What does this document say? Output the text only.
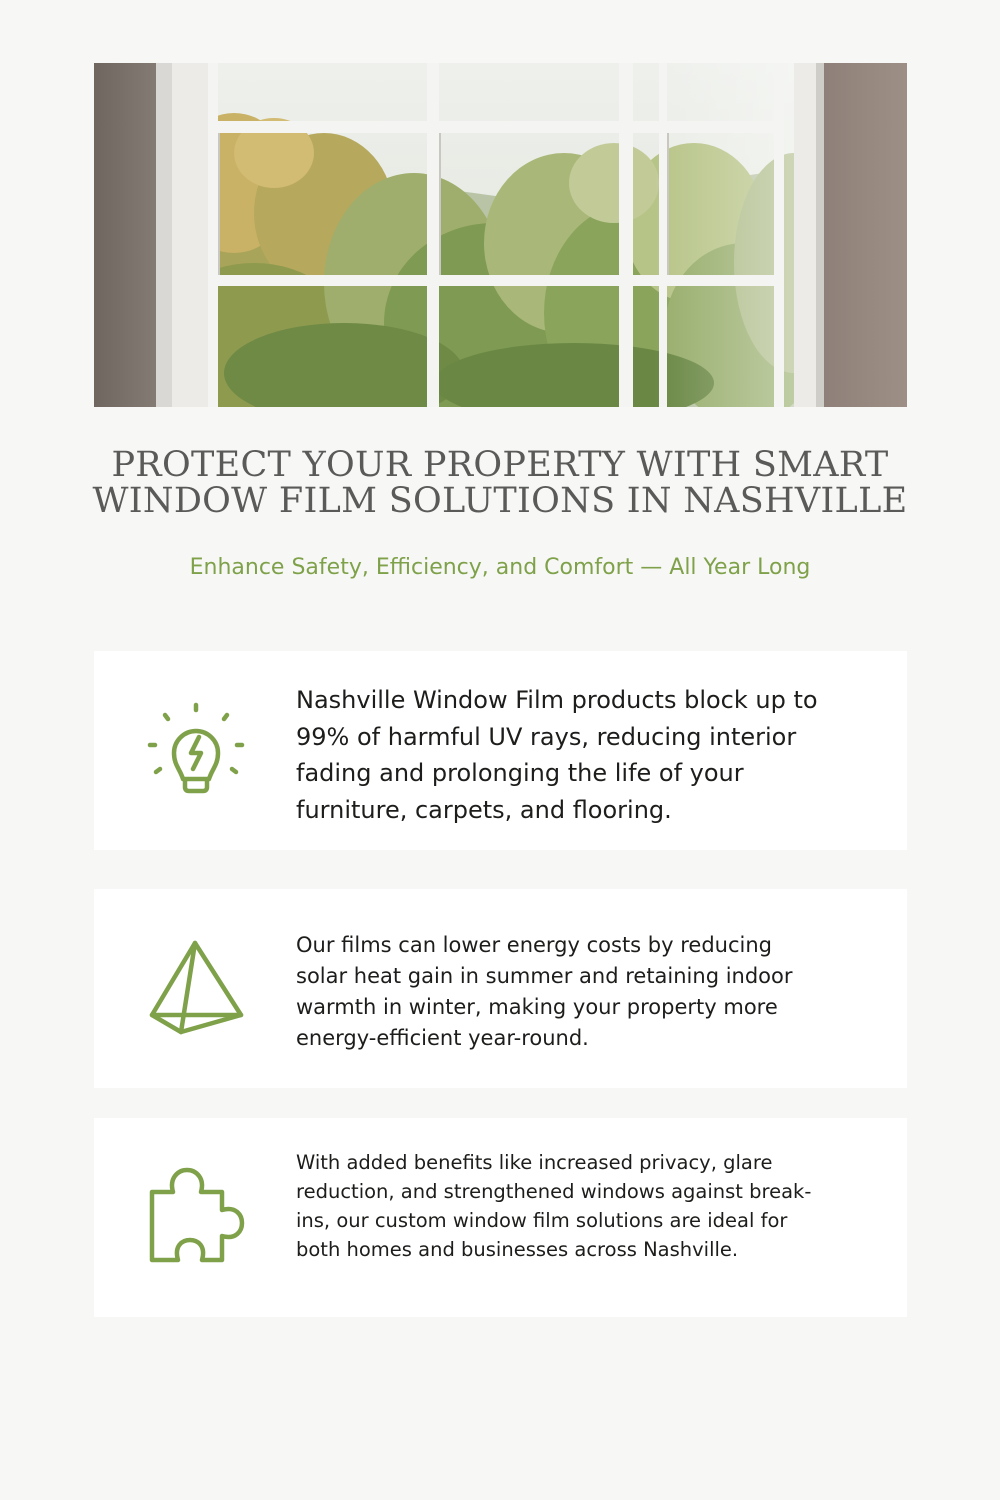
PROTECT YOUR PROPERTY WITH SMART
WINDOW FILM SOLUTIONS IN NASHVILLE

Enhance Safety, Efficiency, and Comfort — All Year Long

Nashville Window Film products block up to 99% of harmful UV rays, reducing interior fading and prolonging the life of your furniture, carpets, and flooring.

Our films can lower energy costs by reducing solar heat gain in summer and retaining indoor warmth in winter, making your property more energy-efficient year-round.

With added benefits like increased privacy, glare reduction, and strengthened windows against break-ins, our custom window film solutions are ideal for both homes and businesses across Nashville.
